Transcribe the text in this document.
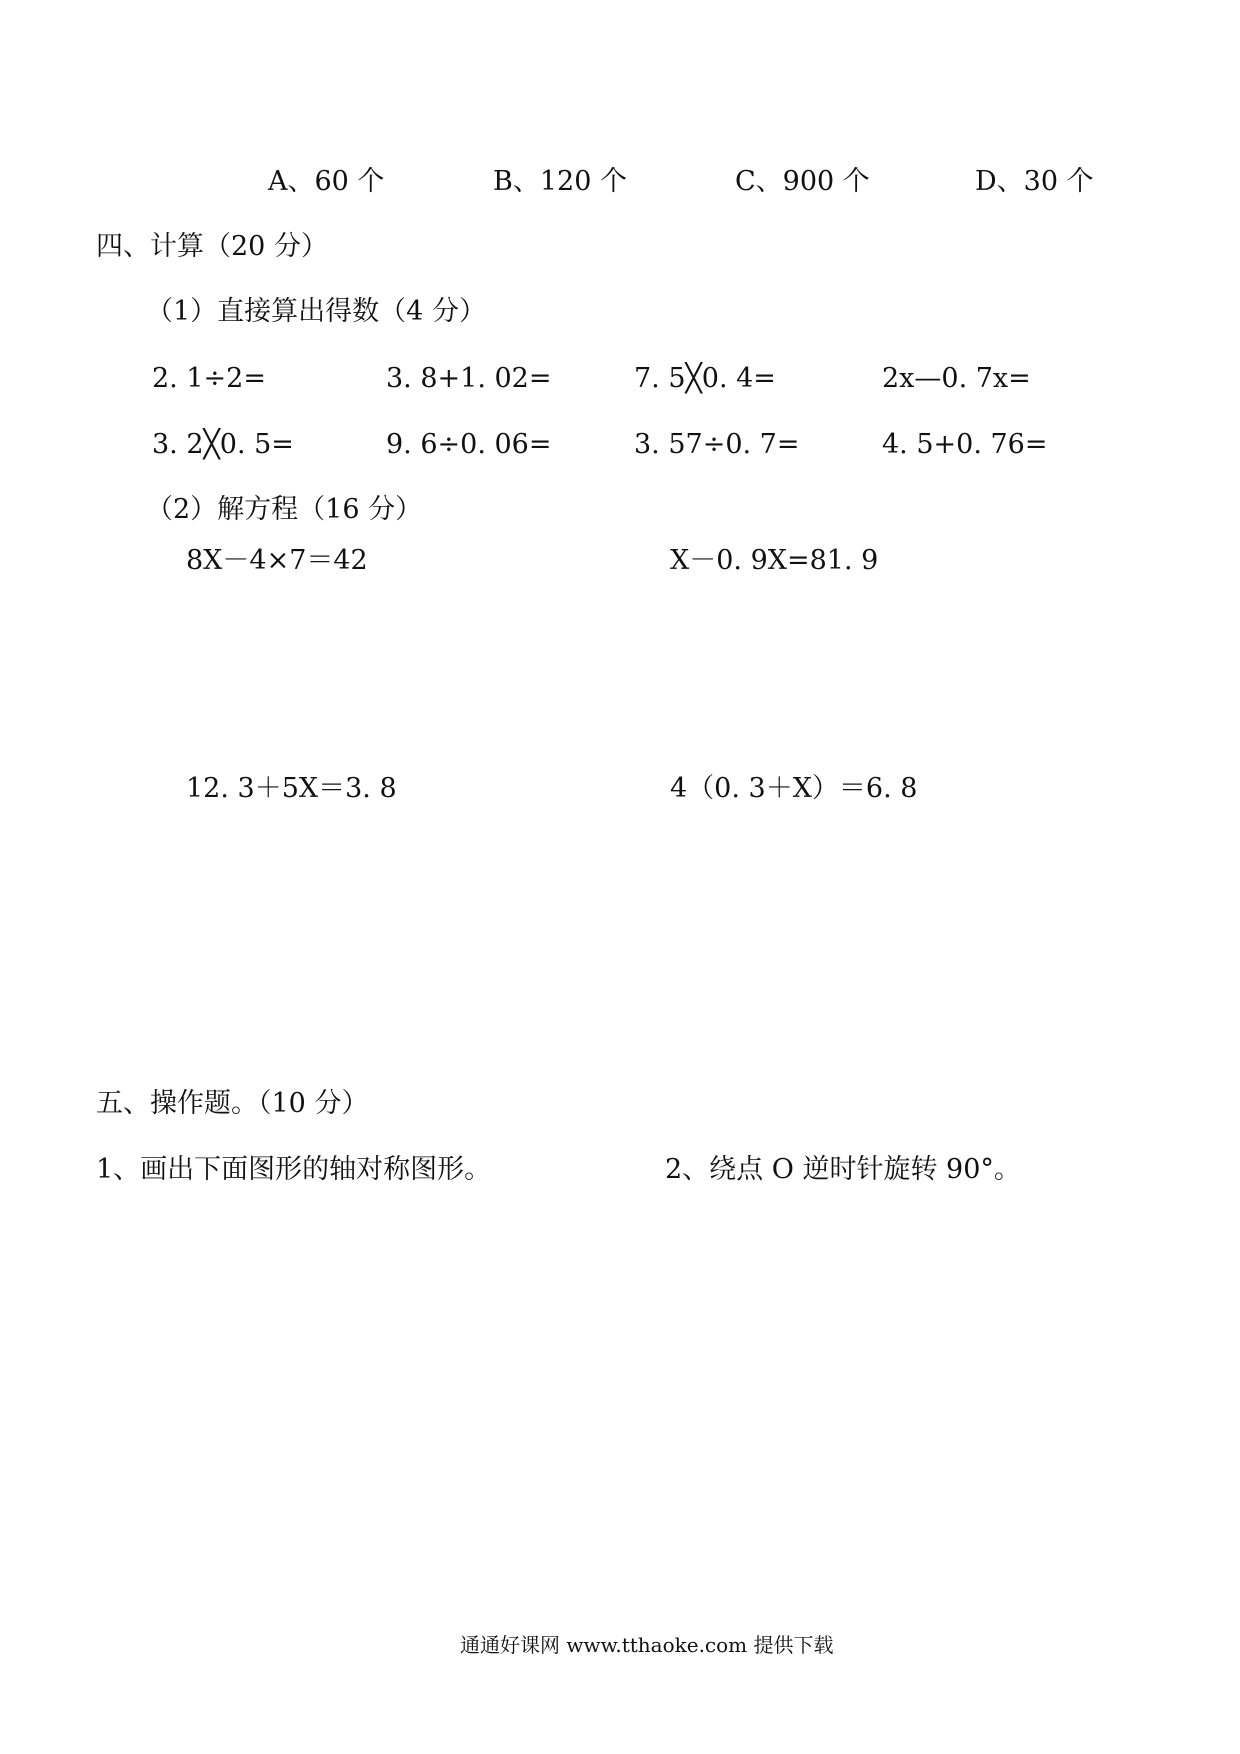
A、60 个	B、120 个	C、900 个	D、30 个
四、计算（20 分）
（1）直接算出得数（4 分）
2. 1÷2=	3. 8+1. 02=	7. 5╳0. 4=	2x—0. 7x=
3. 2╳0. 5=	9. 6÷0. 06=	3. 57÷0. 7=	4. 5+0. 76=
（2）解方程（16 分）
8X－4×7＝42	X－0. 9X=81. 9
12. 3＋5X＝3. 8	4（0. 3＋X）＝6. 8
五、操作题。（10 分）
1、画出下面图形的轴对称图形。	2、绕点 O 逆时针旋转 90°。
通通好课网 www.tthaoke.com 提供下载
